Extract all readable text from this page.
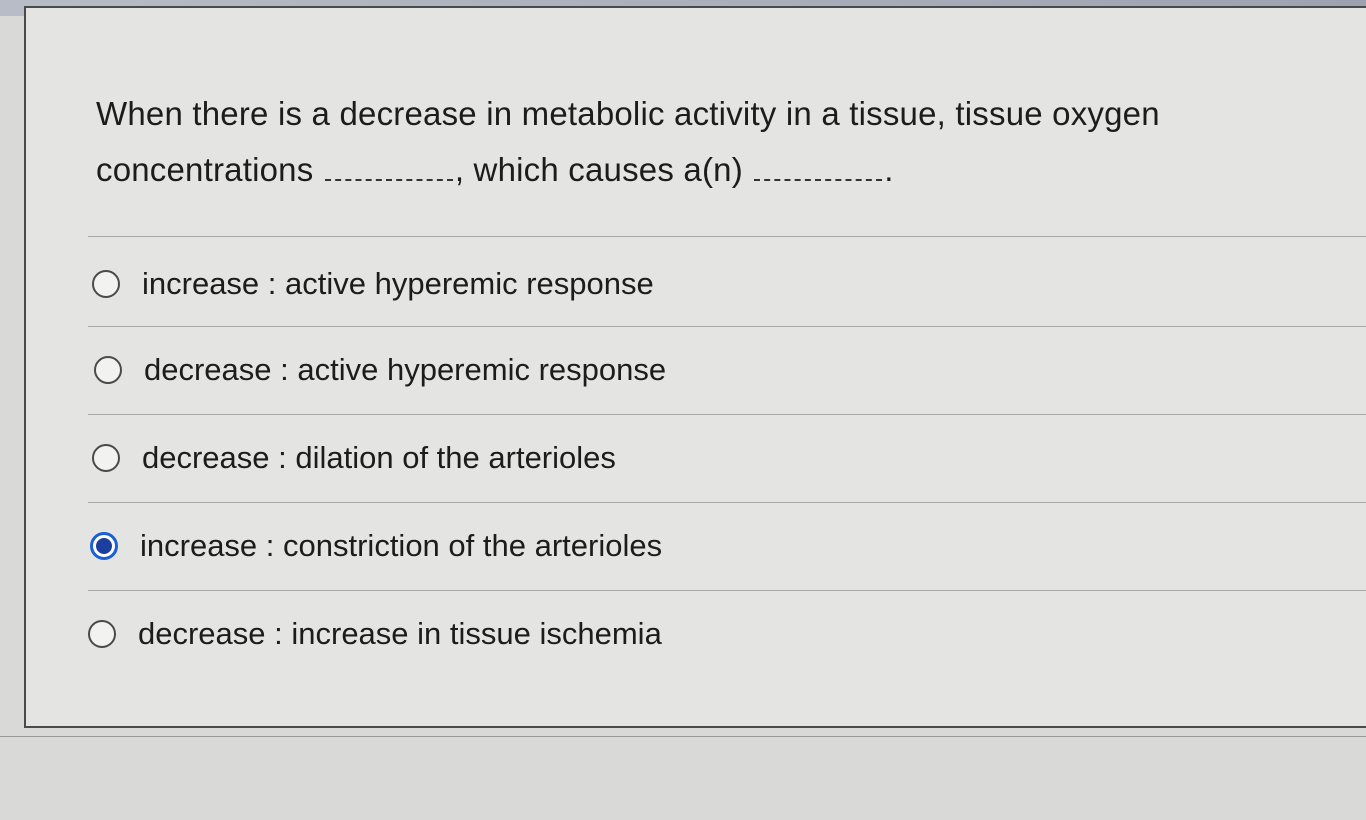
When there is a decrease in metabolic activity in a tissue, tissue oxygen
concentrations	, which causes a(n)	.
increase : active hyperemic response
decrease : active hyperemic response
decrease : dilation of the arterioles
increase : constriction of the arterioles
decrease : increase in tissue ischemia
